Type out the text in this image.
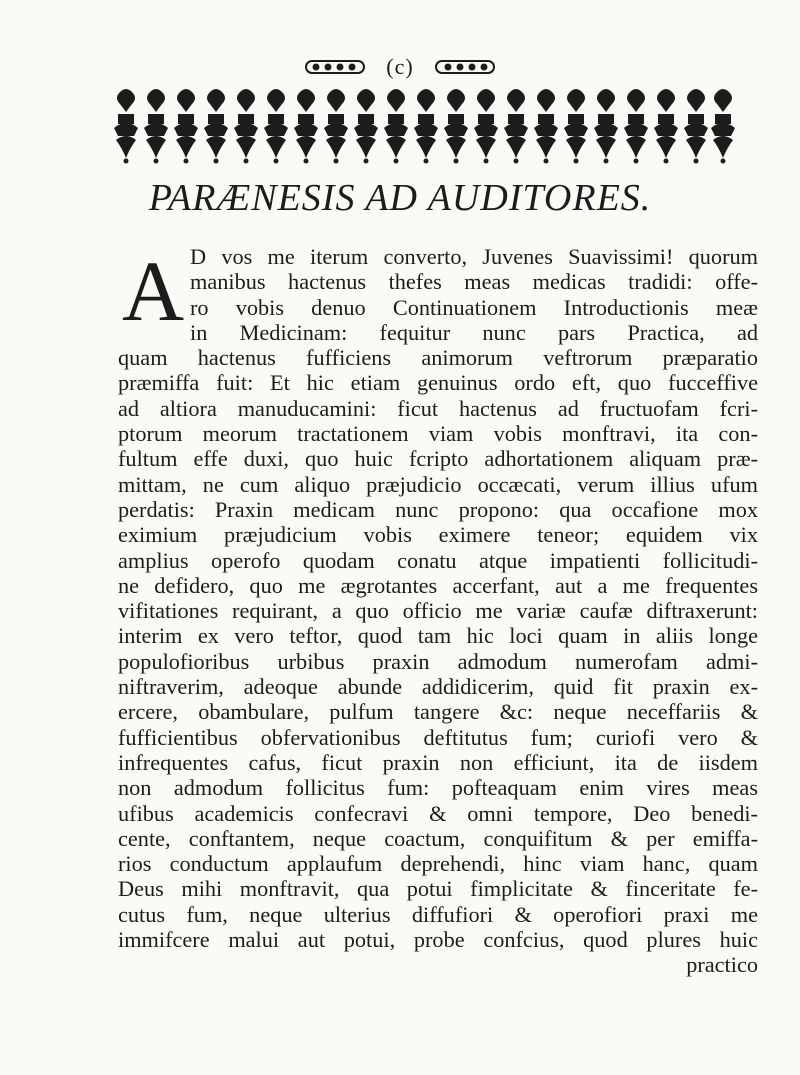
(c)
PARÆNESIS AD AUDITORES.
A D vos me iterum converto, Juvenes Suavissimi! quorum
manibus hactenus thefes meas medicas tradidi: offe-
ro vobis denuo Continuationem Introductionis meæ
in Medicinam: fequitur nunc pars Practica, ad
quam hactenus fufficiens animorum veftrorum præparatio
præmiffa fuit: Et hic etiam genuinus ordo eft, quo fucceffive
ad altiora manuducamini: ficut hactenus ad fructuofam fcri-
ptorum meorum tractationem viam vobis monftravi, ita con-
fultum effe duxi, quo huic fcripto adhortationem aliquam præ-
mittam, ne cum aliquo præjudicio occæcati, verum illius ufum
perdatis: Praxin medicam nunc propono: qua occafione mox
eximium præjudicium vobis eximere teneor; equidem vix
amplius operofo quodam conatu atque impatienti follicitudi-
ne defidero, quo me ægrotantes accerfant, aut a me frequentes
vifitationes requirant, a quo officio me variæ caufæ diftraxerunt:
interim ex vero teftor, quod tam hic loci quam in aliis longe
populofioribus urbibus praxin admodum numerofam admi-
niftraverim, adeoque abunde addidicerim, quid fit praxin ex-
ercere, obambulare, pulfum tangere &c: neque neceffariis &
fufficientibus obfervationibus deftitutus fum; curiofi vero &
infrequentes cafus, ficut praxin non efficiunt, ita de iisdem
non admodum follicitus fum: pofteaquam enim vires meas
ufibus academicis confecravi & omni tempore, Deo benedi-
cente, conftantem, neque coactum, conquifitum & per emiffa-
rios conductum applaufum deprehendi, hinc viam hanc, quam
Deus mihi monftravit, qua potui fimplicitate & finceritate fe-
cutus fum, neque ulterius diffufiori & operofiori praxi me
immifcere malui aut potui, probe confcius, quod plures huic
practico
